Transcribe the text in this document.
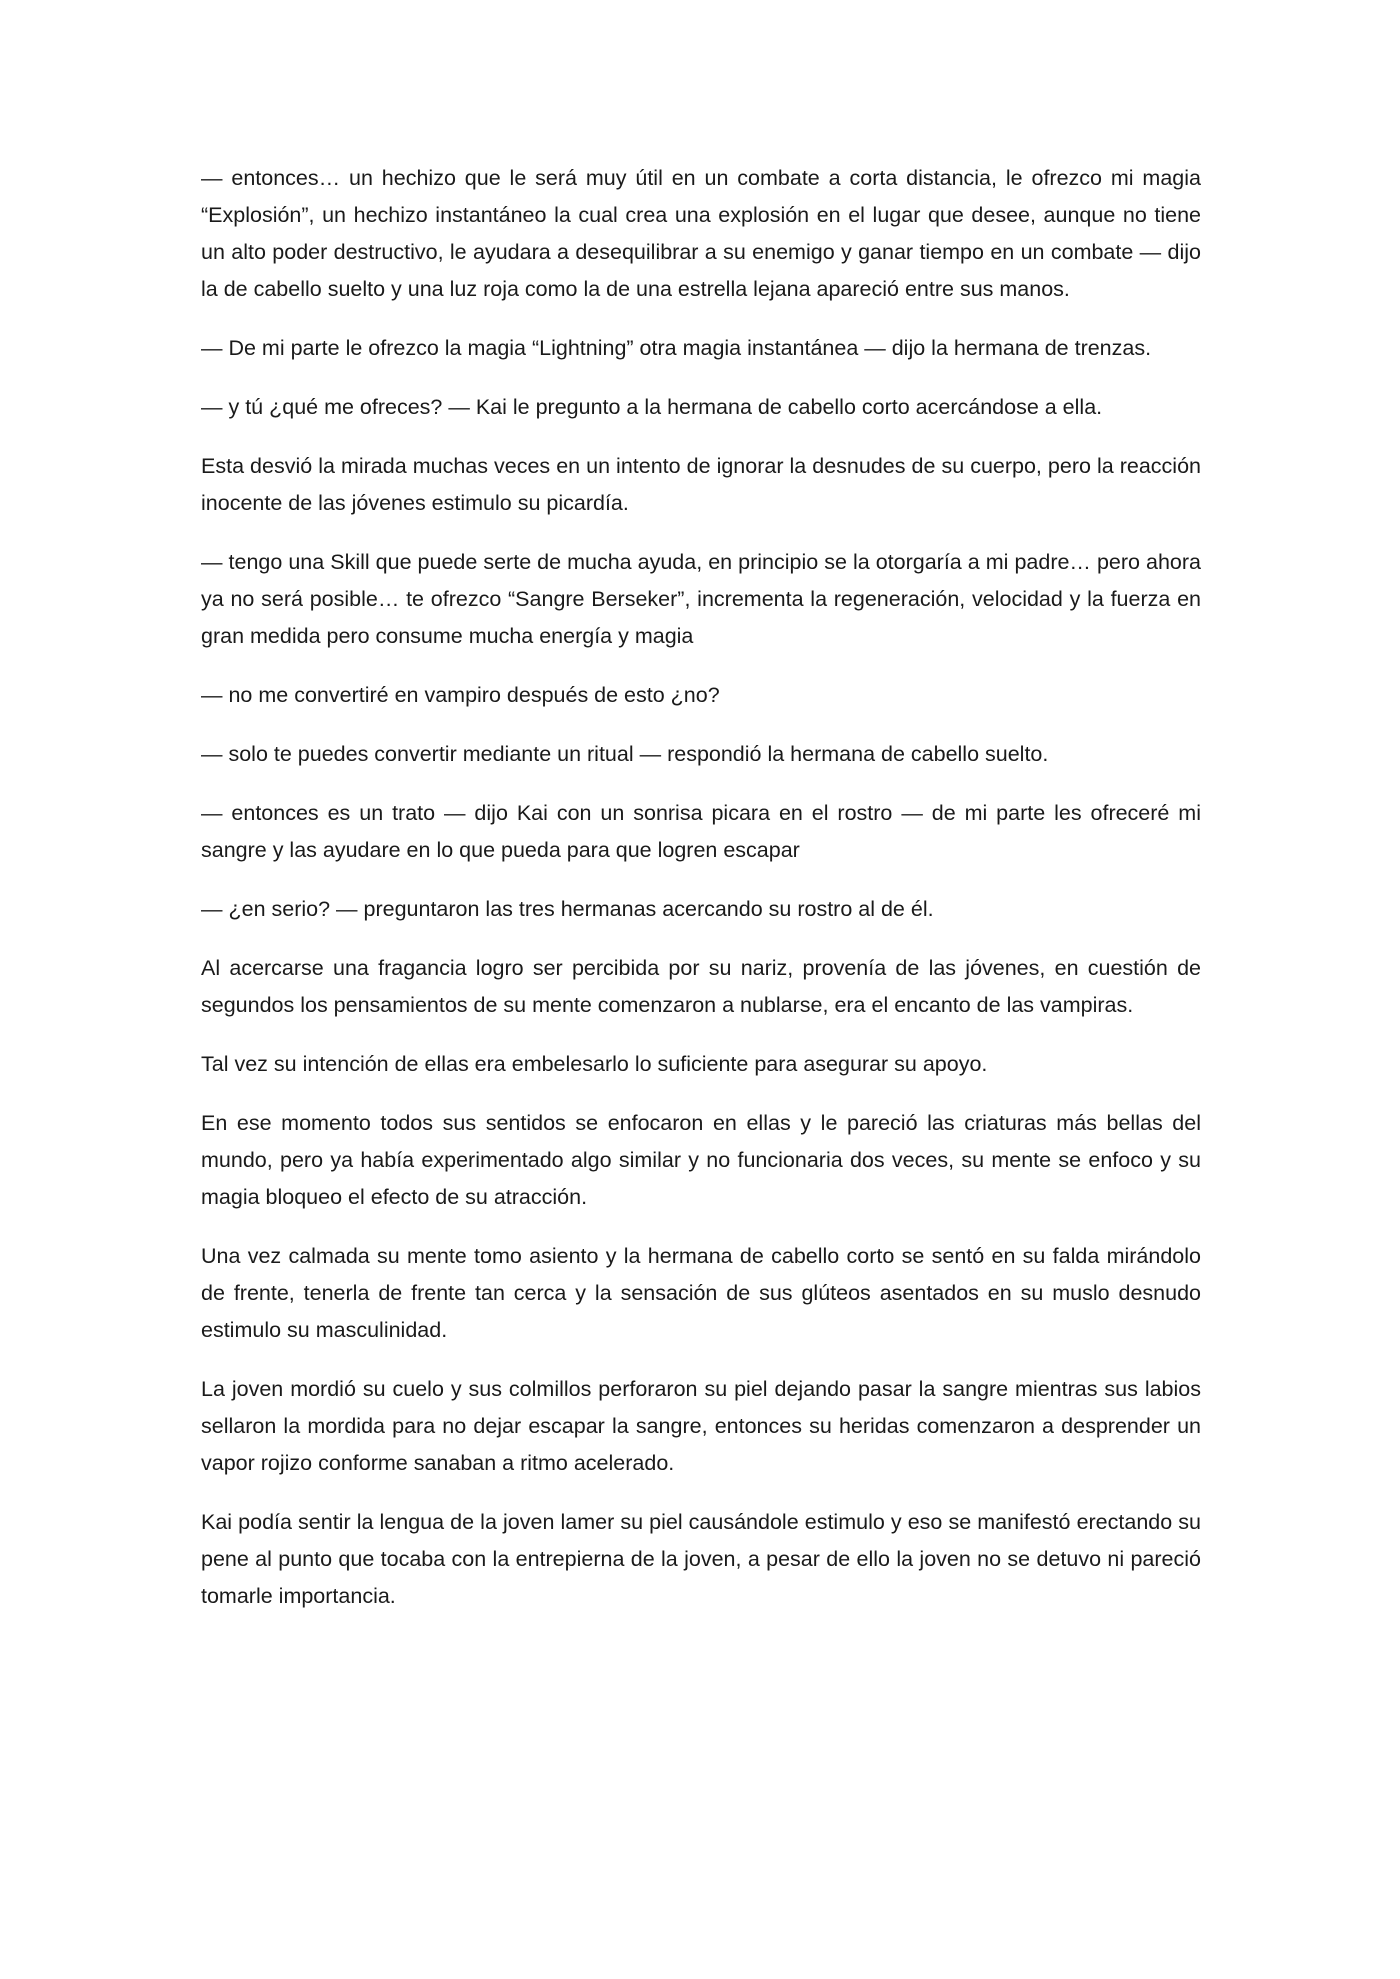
— entonces… un hechizo que le será muy útil en un combate a corta distancia, le ofrezco mi magia “Explosión”, un hechizo instantáneo la cual crea una explosión en el lugar que desee, aunque no tiene un alto poder destructivo, le ayudara a desequilibrar a su enemigo y ganar tiempo en un combate — dijo la de cabello suelto y una luz roja como la de una estrella lejana apareció entre sus manos.

— De mi parte le ofrezco la magia “Lightning” otra magia instantánea — dijo la hermana de trenzas.

— y tú ¿qué me ofreces? — Kai le pregunto a la hermana de cabello corto acercándose a ella.

Esta desvió la mirada muchas veces en un intento de ignorar la desnudes de su cuerpo, pero la reacción inocente de las jóvenes estimulo su picardía.

— tengo una Skill que puede serte de mucha ayuda, en principio se la otorgaría a mi padre… pero ahora ya no será posible… te ofrezco “Sangre Berseker”, incrementa la regeneración, velocidad y la fuerza en gran medida pero consume mucha energía y magia

— no me convertiré en vampiro después de esto ¿no?

— solo te puedes convertir mediante un ritual — respondió la hermana de cabello suelto.

— entonces es un trato — dijo Kai con un sonrisa picara en el rostro — de mi parte les ofreceré mi sangre y las ayudare en lo que pueda para que logren escapar

— ¿en serio? — preguntaron las tres hermanas acercando su rostro al de él.

Al acercarse una fragancia logro ser percibida por su nariz, provenía de las jóvenes, en cuestión de segundos los pensamientos de su mente comenzaron a nublarse, era el encanto de las vampiras.

Tal vez su intención de ellas era embelesarlo lo suficiente para asegurar su apoyo.

En ese momento todos sus sentidos se enfocaron en ellas y le pareció las criaturas más bellas del mundo, pero ya había experimentado algo similar y no funcionaria dos veces, su mente se enfoco y su magia bloqueo el efecto de su atracción.

Una vez calmada su mente tomo asiento y la hermana de cabello corto se sentó en su falda mirándolo de frente, tenerla de frente tan cerca y la sensación de sus glúteos asentados en su muslo desnudo estimulo su masculinidad.

La joven mordió su cuelo y sus colmillos perforaron su piel dejando pasar la sangre mientras sus labios sellaron la mordida para no dejar escapar la sangre, entonces su heridas comenzaron a desprender un vapor rojizo conforme sanaban a ritmo acelerado.

Kai podía sentir la lengua de la joven lamer su piel causándole estimulo y eso se manifestó erectando su pene al punto que tocaba con la entrepierna de la joven, a pesar de ello la joven no se detuvo ni pareció tomarle importancia.
